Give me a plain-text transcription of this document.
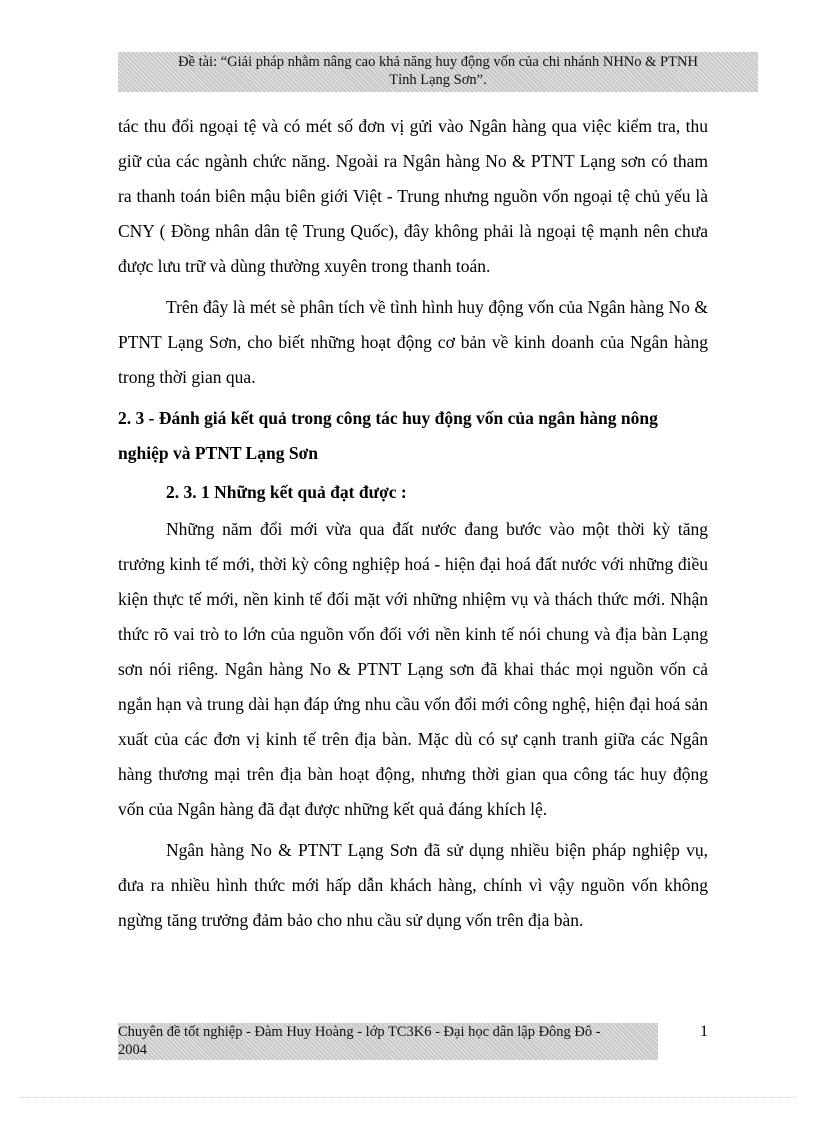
Đề tài: “Giải pháp nhằm nâng cao khả năng huy động vốn của chi nhánh NHNo & PTNH
Tỉnh Lạng Sơn”.

tác thu đổi ngoại tệ và có mét số đơn vị gửi vào Ngân hàng qua việc kiểm tra, thu giữ của các ngành chức năng. Ngoài ra Ngân hàng No & PTNT Lạng sơn có tham ra thanh toán biên mậu biên giới Việt - Trung nhưng nguồn vốn ngoại tệ chủ yếu là CNY ( Đồng nhân dân tệ Trung Quốc), đây không phải là ngoại tệ mạnh nên chưa được lưu trữ và dùng thường xuyên trong thanh toán.

Trên đây là mét sè phân tích về tình hình huy động vốn của Ngân hàng No & PTNT Lạng Sơn, cho biết những hoạt động cơ bản về kinh doanh của Ngân hàng trong thời gian qua.

2. 3 - Đánh giá kết quả trong công tác huy động vốn của ngân hàng nông nghiệp và PTNT Lạng Sơn

2. 3. 1 Những kết quả đạt được :

Những năm đổi mới vừa qua đất nước đang bước vào một thời kỳ tăng trưởng kinh tế mới, thời kỳ công nghiệp hoá - hiện đại hoá đất nước với những điều kiện thực tế mới, nền kinh tế đối mặt với những nhiệm vụ và thách thức mới. Nhận thức rõ vai trò to lớn của nguồn vốn đối với nền kinh tế nói chung và địa bàn Lạng sơn nói riêng. Ngân hàng No & PTNT Lạng sơn đã khai thác mọi nguồn vốn cả ngắn hạn và trung dài hạn đáp ứng nhu cầu vốn đổi mới công nghệ, hiện đại hoá sản xuất của các đơn vị kinh tế trên địa bàn. Mặc dù có sự cạnh tranh giữa các Ngân hàng thương mại trên địa bàn hoạt động, nhưng thời gian qua công tác huy động vốn của Ngân hàng đã đạt được những kết quả đáng khích lệ.

Ngân hàng No & PTNT Lạng Sơn đã sử dụng nhiều biện pháp nghiệp vụ, đưa ra nhiều hình thức mới hấp dẫn khách hàng, chính vì vậy nguồn vốn không ngừng tăng trưởng đảm bảo cho nhu cầu sử dụng vốn trên địa bàn.

Chuyên đề tốt nghiệp - Đàm Huy Hoàng - lớp TC3K6 - Đại học dân lập Đông Đô -
2004
1
